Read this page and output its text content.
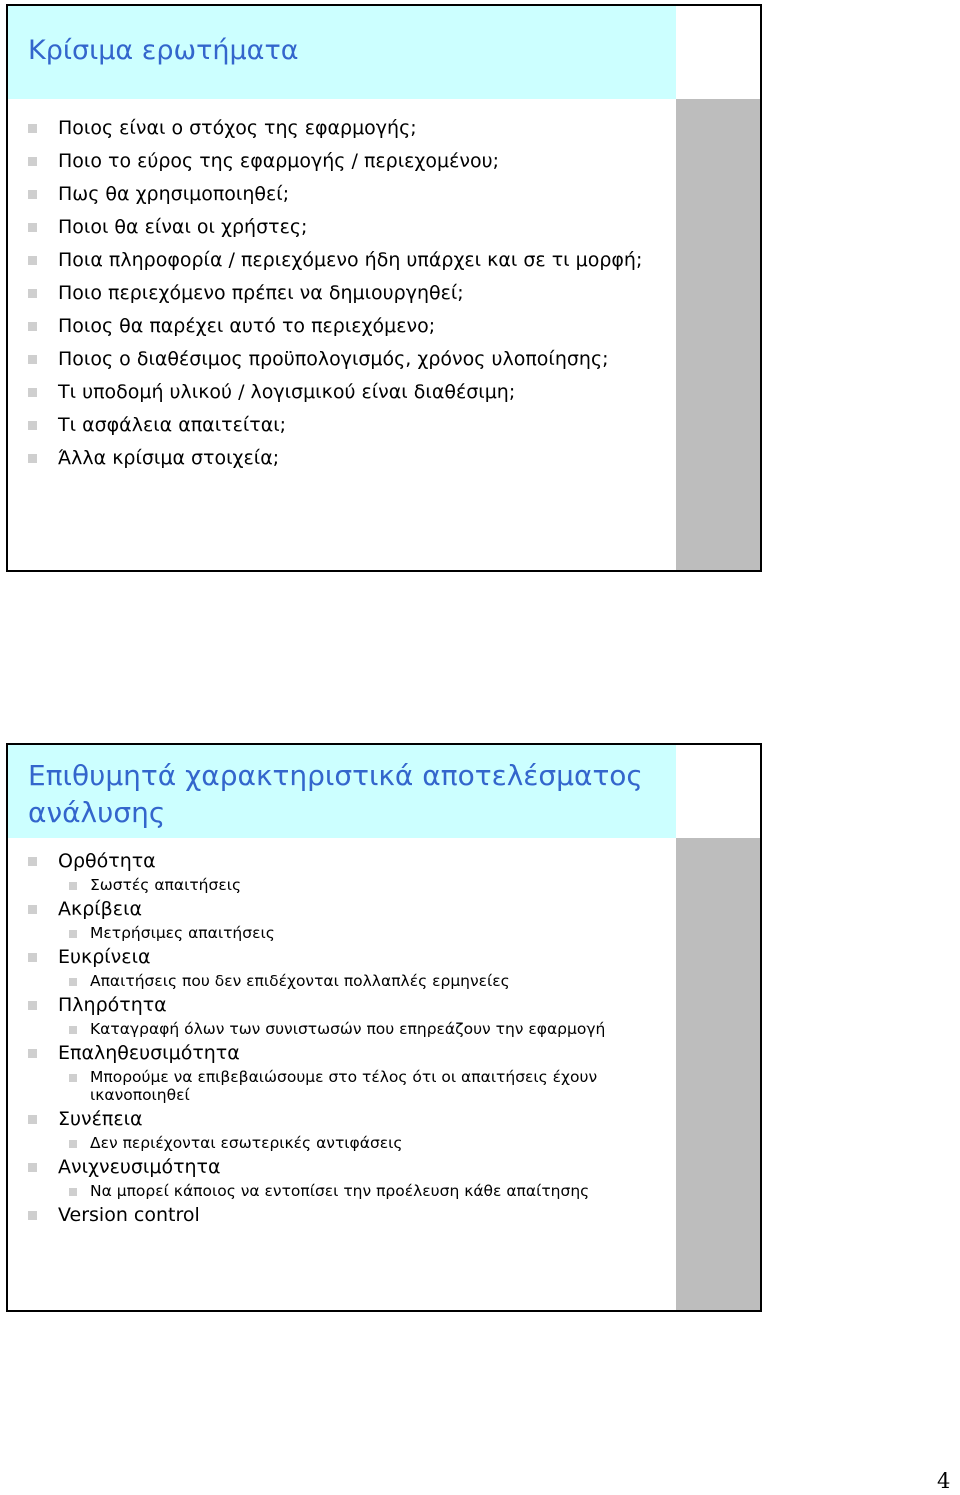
Κρίσιμα ερωτήματα
Ποιος είναι ο στόχος της εφαρμογής;
Ποιο το εύρος της εφαρμογής / περιεχομένου;
Πως θα χρησιμοποιηθεί;
Ποιοι θα είναι οι χρήστες;
Ποια πληροφορία / περιεχόμενο ήδη υπάρχει και σε τι μορφή;
Ποιο περιεχόμενο πρέπει να δημιουργηθεί;
Ποιος θα παρέχει αυτό το περιεχόμενο;
Ποιος ο διαθέσιμος προϋπολογισμός, χρόνος υλοποίησης;
Τι υποδομή υλικού / λογισμικού είναι διαθέσιμη;
Τι ασφάλεια απαιτείται;
Άλλα κρίσιμα στοιχεία;
Επιθυμητά χαρακτηριστικά αποτελέσματος ανάλυσης
Ορθότητα
Σωστές απαιτήσεις
Ακρίβεια
Μετρήσιμες απαιτήσεις
Ευκρίνεια
Απαιτήσεις που δεν επιδέχονται πολλαπλές ερμηνείες
Πληρότητα
Καταγραφή όλων των συνιστωσών που επηρεάζουν την εφαρμογή
Επαληθευσιμότητα
Μπορούμε να επιβεβαιώσουμε στο τέλος ότι οι απαιτήσεις έχουν
ικανοποιηθεί
Συνέπεια
Δεν περιέχονται εσωτερικές αντιφάσεις
Ανιχνευσιμότητα
Να μπορεί κάποιος να εντοπίσει την προέλευση κάθε απαίτησης
Version control
4
